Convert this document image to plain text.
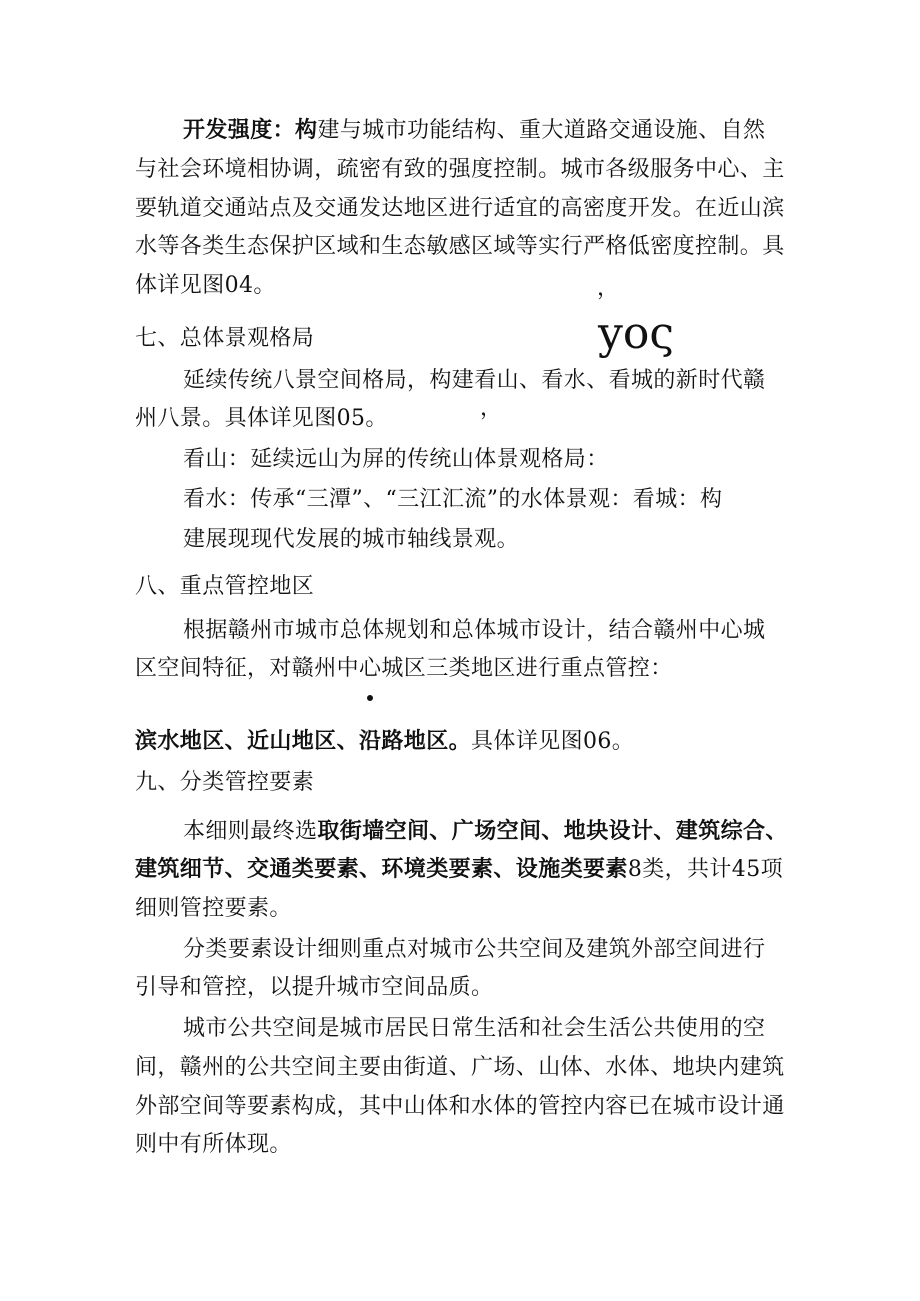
开发强度：构建与城市功能结构、重大道路交通设施、自然
与社会环境相协调，疏密有致的强度控制。城市各级服务中心、主
要轨道交通站点及交通发达地区进行适宜的高密度开发。在近山滨
水等各类生态保护区域和生态敏感区域等实行严格低密度控制。具
体详见图04。	，
yoς
，
七、总体景观格局
延续传统八景空间格局，构建看山、看水、看城的新时代赣
州八景。具体详见图05。
看山：延续远山为屏的传统山体景观格局：
看水：传承“三潭”、“三江汇流”的水体景观：看城：构
建展现现代发展的城市轴线景观。
八、重点管控地区
根据赣州市城市总体规划和总体城市设计，结合赣州中心城
区空间特征，对赣州中心城区三类地区进行重点管控：
滨水地区、近山地区、沿路地区。具体详见图06。
九、分类管控要素
本细则最终选取街墙空间、广场空间、地块设计、建筑综合、
建筑细节、交通类要素、环境类要素、设施类要素8类，共计45项
细则管控要素。
分类要素设计细则重点对城市公共空间及建筑外部空间进行
引导和管控，以提升城市空间品质。
城市公共空间是城市居民日常生活和社会生活公共使用的空
间，赣州的公共空间主要由街道、广场、山体、水体、地块内建筑
外部空间等要素构成，其中山体和水体的管控内容已在城市设计通
则中有所体现。
